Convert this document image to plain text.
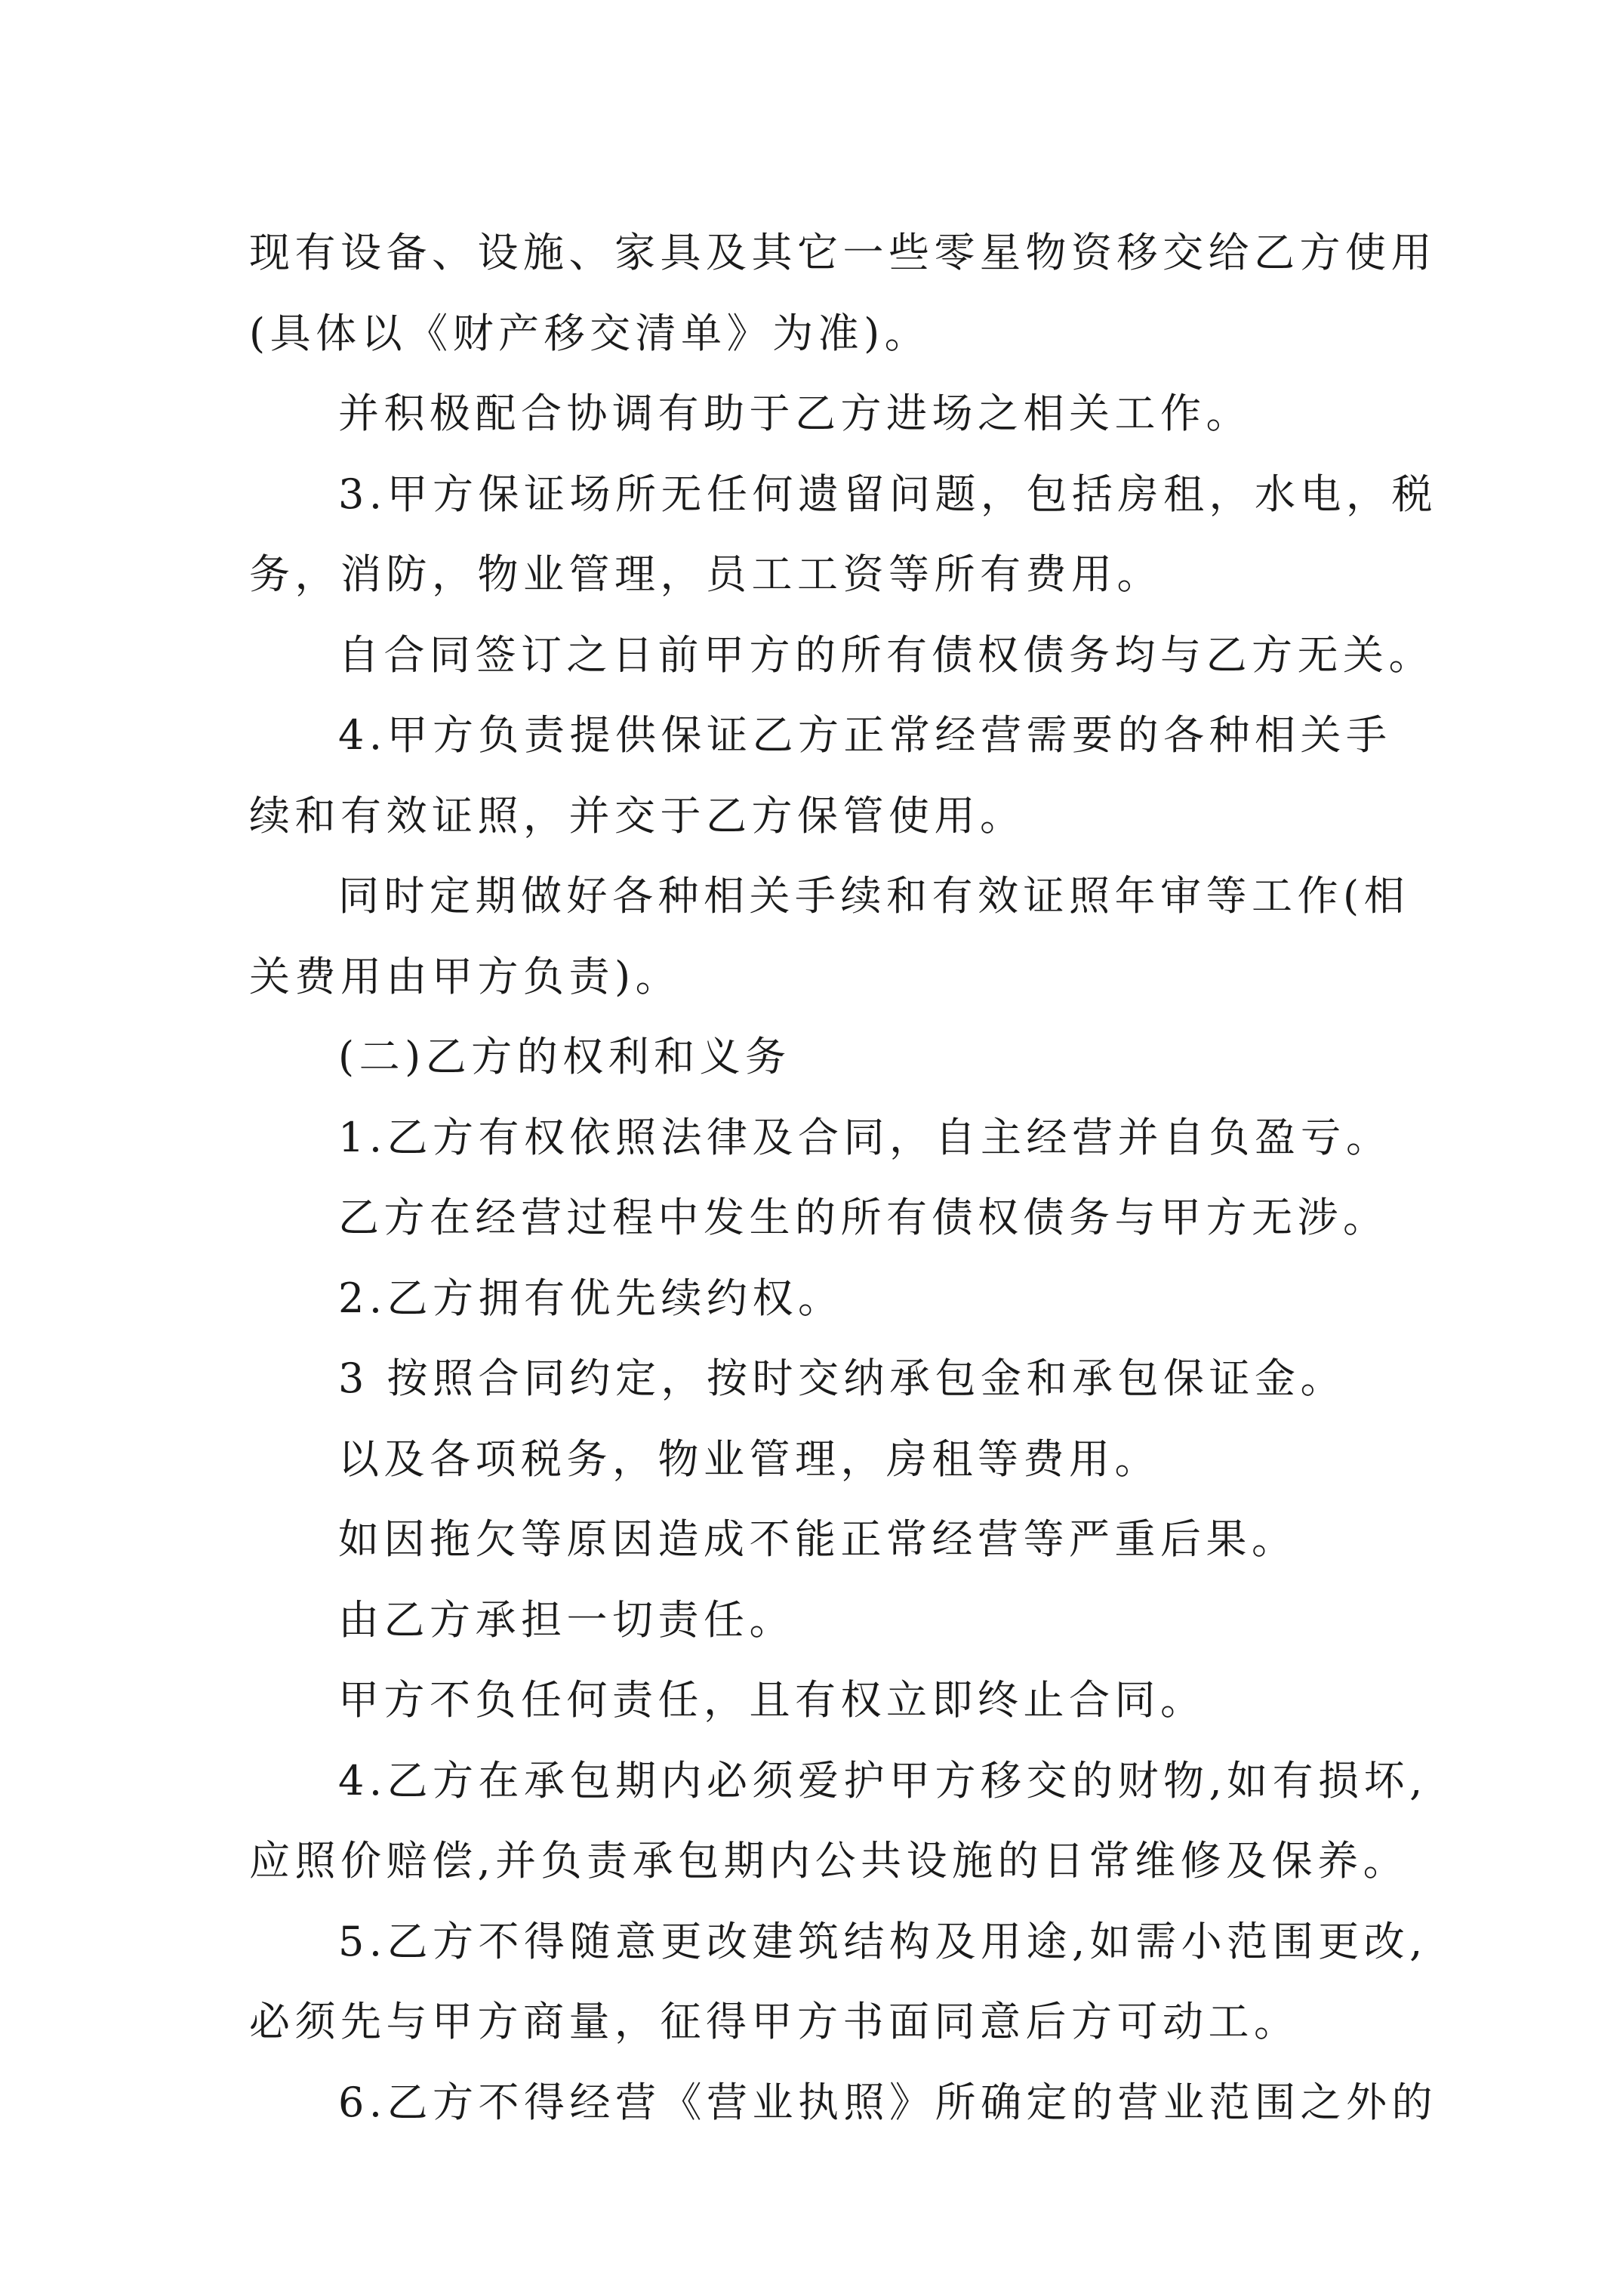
现有设备、设施、家具及其它一些零星物资移交给乙方使用

(具体以《财产移交清单》为准)。

并积极配合协调有助于乙方进场之相关工作。

3.甲方保证场所无任何遗留问题，包括房租，水电，税

务，消防，物业管理，员工工资等所有费用。

自合同签订之日前甲方的所有债权债务均与乙方无关。

4.甲方负责提供保证乙方正常经营需要的各种相关手

续和有效证照，并交于乙方保管使用。

同时定期做好各种相关手续和有效证照年审等工作(相

关费用由甲方负责)。

(二)乙方的权利和义务

1.乙方有权依照法律及合同，自主经营并自负盈亏。

乙方在经营过程中发生的所有债权债务与甲方无涉。

2.乙方拥有优先续约权。

3 按照合同约定，按时交纳承包金和承包保证金。

以及各项税务，物业管理，房租等费用。

如因拖欠等原因造成不能正常经营等严重后果。

由乙方承担一切责任。

甲方不负任何责任，且有权立即终止合同。

4.乙方在承包期内必须爱护甲方移交的财物,如有损坏,

应照价赔偿,并负责承包期内公共设施的日常维修及保养。

5.乙方不得随意更改建筑结构及用途,如需小范围更改,

必须先与甲方商量，征得甲方书面同意后方可动工。

6.乙方不得经营《营业执照》所确定的营业范围之外的
